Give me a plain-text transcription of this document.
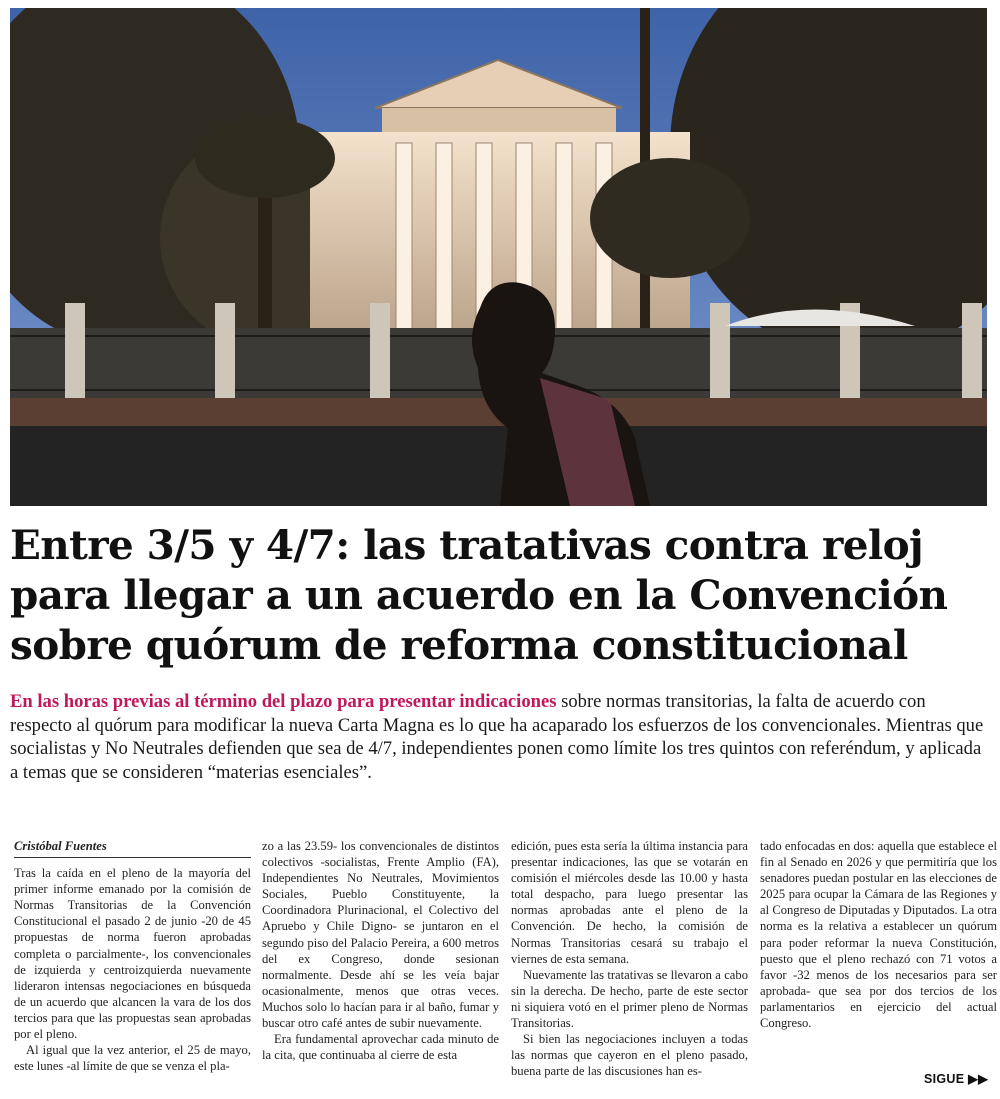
Entre 3/5 y 4/7: las tratativas contra reloj
para llegar a un acuerdo en la Convención
sobre quórum de reforma constitucional

En las horas previas al término del plazo para presentar indicaciones sobre normas transitorias, la falta de acuerdo con respecto al quórum para modificar la nueva Carta Magna es lo que ha acaparado los esfuerzos de los convencionales. Mientras que socialistas y No Neutrales defienden que sea de 4/7, independientes ponen como límite los tres quintos con referéndum, y aplicada a temas que se consideren “materias esenciales”.

Cristóbal Fuentes

Tras la caída en el pleno de la mayoría del primer informe emanado por la comisión de Normas Transitorias de la Convención Constitucional el pasado 2 de junio -20 de 45 propuestas de norma fueron aprobadas completa o parcialmente-, los convencionales de izquierda y centroizquierda nuevamente lideraron intensas negociaciones en búsqueda de un acuerdo que alcancen la vara de los dos tercios para que las propuestas sean aprobadas por el pleno.

Al igual que la vez anterior, el 25 de mayo, este lunes -al límite de que se venza el pla-

zo a las 23.59- los convencionales de distintos colectivos -socialistas, Frente Amplio (FA), Independientes No Neutrales, Movimientos Sociales, Pueblo Constituyente, la Coordinadora Plurinacional, el Colectivo del Apruebo y Chile Digno- se juntaron en el segundo piso del Palacio Pereira, a 600 metros del ex Congreso, donde sesionan normalmente. Desde ahí se les veía bajar ocasionalmente, menos que otras veces. Muchos solo lo hacían para ir al baño, fumar y buscar otro café antes de subir nuevamente.

Era fundamental aprovechar cada minuto de la cita, que continuaba al cierre de esta

edición, pues esta sería la última instancia para presentar indicaciones, las que se votarán en comisión el miércoles desde las 10.00 y hasta total despacho, para luego presentar las normas aprobadas ante el pleno de la Convención. De hecho, la comisión de Normas Transitorias cesará su trabajo el viernes de esta semana.

Nuevamente las tratativas se llevaron a cabo sin la derecha. De hecho, parte de este sector ni siquiera votó en el primer pleno de Normas Transitorias.

Si bien las negociaciones incluyen a todas las normas que cayeron en el pleno pasado, buena parte de las discusiones han es-

tado enfocadas en dos: aquella que establece el fin al Senado en 2026 y que permitiría que los senadores puedan postular en las elecciones de 2025 para ocupar la Cámara de las Regiones y al Congreso de Diputadas y Diputados. La otra norma es la relativa a establecer un quórum para poder reformar la nueva Constitución, puesto que el pleno rechazó con 71 votos a favor -32 menos de los necesarios para ser aprobada- que sea por dos tercios de los parlamentarios en ejercicio del actual Congreso.

SIGUE ▶▶
